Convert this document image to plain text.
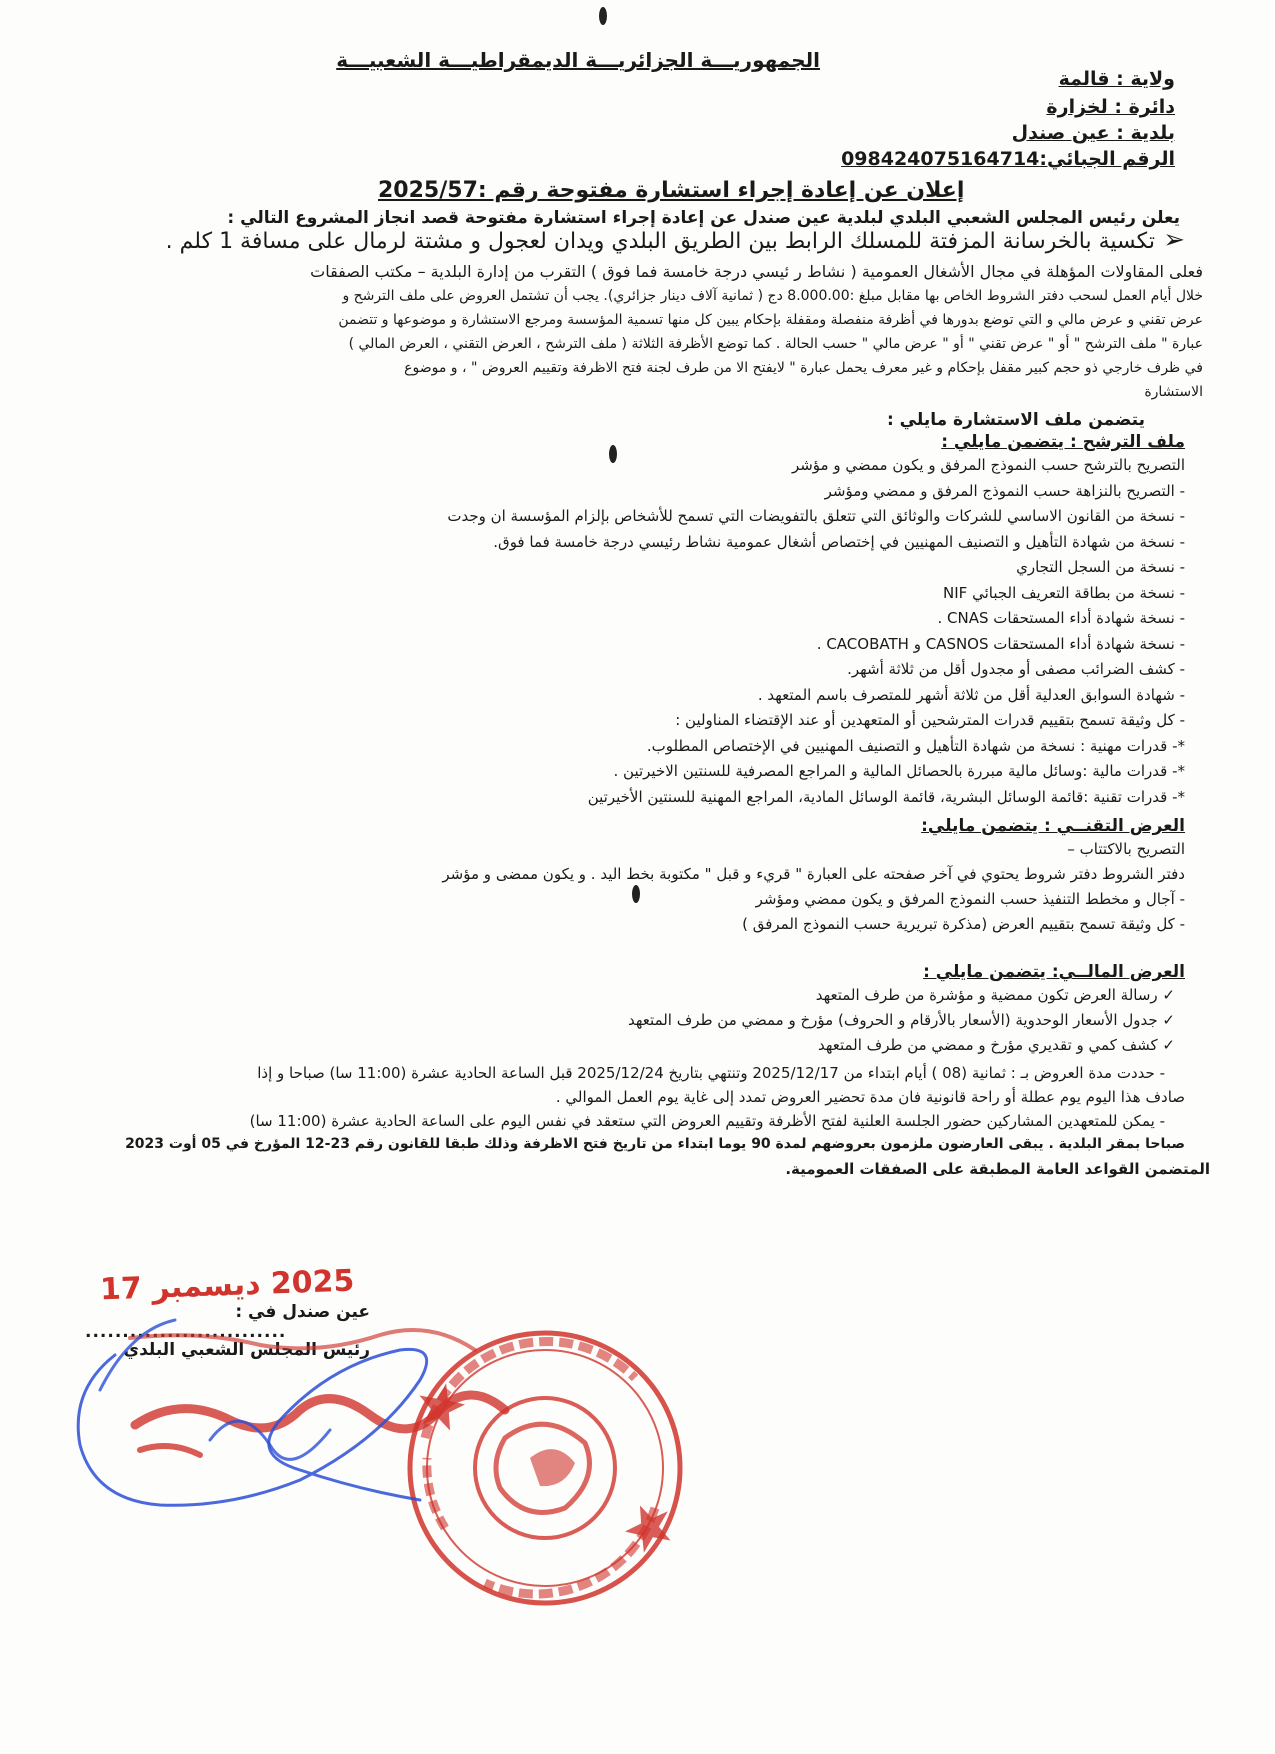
الجمهوريـــة الجزائريـــة الديمقراطيـــة الشعبيـــة
ولاية : قالمة
دائرة : لخزارة
بلدية : عين صندل
الرقم الجبائي:098424075164714
إعلان عن إعادة إجراء استشارة مفتوحة رقم :2025/57
يعلن رئيس المجلس الشعبي البلدي لبلدية عين صندل عن إعادة إجراء استشارة مفتوحة قصد انجاز المشروع التالي :
➢ تكسية بالخرسانة المزفتة للمسلك الرابط بين الطريق البلدي ويدان لعجول و مشتة لرمال على مسافة 1 كلم .
فعلى المقاولات المؤهلة في مجال الأشغال العمومية ( نشاط ر ئيسي درجة خامسة فما فوق ) التقرب من إدارة البلدية – مكتب الصفقات
خلال أيام العمل لسحب دفتر الشروط الخاص بها مقابل مبلغ :8.000.00 دج ( ثمانية آلاف دينار جزائري). يجب أن تشتمل العروض على ملف الترشح و
عرض تقني و عرض مالي و التي توضع بدورها في أظرفة منفصلة ومقفلة بإحكام يبين كل منها تسمية المؤسسة ومرجع الاستشارة و موضوعها و تتضمن
عبارة " ملف الترشح " أو " عرض تقني " أو " عرض مالي " حسب الحالة . كما توضع الأظرفة الثلاثة ( ملف الترشح ، العرض التقني ، العرض المالي )
في ظرف خارجي ذو حجم كبير مقفل بإحكام و غير معرف يحمل عبارة " لايفتح الا من طرف لجنة فتح الاظرفة وتقييم العروض " ، و موضوع
الاستشارة
يتضمن ملف الاستشارة مايلي :
ملف الترشح : يتضمن مايلي :
التصريح بالترشح حسب النموذج المرفق و يكون ممضي و مؤشر
- التصريح بالنزاهة حسب النموذج المرفق و ممضي ومؤشر
- نسخة من القانون الاساسي للشركات والوثائق التي تتعلق بالتفويضات التي تسمح للأشخاص بإلزام المؤسسة ان وجدت
- نسخة من شهادة التأهيل و التصنيف المهنيين في إختصاص أشغال عمومية نشاط رئيسي درجة خامسة فما فوق.
- نسخة من السجل التجاري
- نسخة من بطاقة التعريف الجبائي NIF
- نسخة شهادة أداء المستحقات CNAS .
- نسخة شهادة أداء المستحقات CASNOS و CACOBATH .
- كشف الضرائب مصفى أو مجدول أقل من ثلاثة أشهر.
- شهادة السوابق العدلية أقل من ثلاثة أشهر للمتصرف باسم المتعهد .
- كل وثيقة تسمح بتقييم قدرات المترشحين أو المتعهدين أو عند الإقتضاء المناولين :
*- قدرات مهنية : نسخة من شهادة التأهيل و التصنيف المهنيين في الإختصاص المطلوب.
*- قدرات مالية :وسائل مالية مبررة بالحصائل المالية و المراجع المصرفية للسنتين الاخيرتين .
*- قدرات تقنية :قائمة الوسائل البشرية، قائمة الوسائل المادية، المراجع المهنية للسنتين الأخيرتين
العرض التقنــي : يتضمن مايلي:
التصريح بالاكتتاب –
دفتر الشروط دفتر شروط يحتوي في آخر صفحته على العبارة " قريء و قبل " مكتوبة بخط اليد . و يكون ممضى و مؤشر
- آجال و مخطط التنفيذ حسب النموذج المرفق و يكون ممضي ومؤشر
- كل وثيقة تسمح بتقييم العرض (مذكرة تبريرية حسب النموذج المرفق )
العرض المالــي: يتضمن مايلي :
✓ رسالة العرض تكون ممضية و مؤشرة من طرف المتعهد
✓ جدول الأسعار الوحدوية (الأسعار بالأرقام و الحروف) مؤرخ و ممضي من طرف المتعهد
✓ كشف كمي و تقديري مؤرخ و ممضي من طرف المتعهد
- حددت مدة العروض بـ : ثمانية (08 ) أيام ابتداء من 2025/12/17 وتنتهي بتاريخ 2025/12/24 قبل الساعة الحادية عشرة (11:00 سا) صباحا و إذا
صادف هذا اليوم يوم عطلة أو راحة قانونية فان مدة تحضير العروض تمدد إلى غاية يوم العمل الموالي .
- يمكن للمتعهدين المشاركين حضور الجلسة العلنية لفتح الأظرفة وتقييم العروض التي ستعقد في نفس اليوم على الساعة الحادية عشرة (11:00 سا)
صباحا بمقر البلدية . يبقى العارضون ملزمون بعروضهم لمدة 90 يوما ابتداء من تاريخ فتح الاظرفة وذلك طبقا للقانون رقم 23-12 المؤرخ في 05 أوت 2023
المتضمن القواعد العامة المطبقة على الصفقات العمومية.
2025 ديسمبر 17
عين صندل في :
...........................
رئيس المجلس الشعبي البلدي
